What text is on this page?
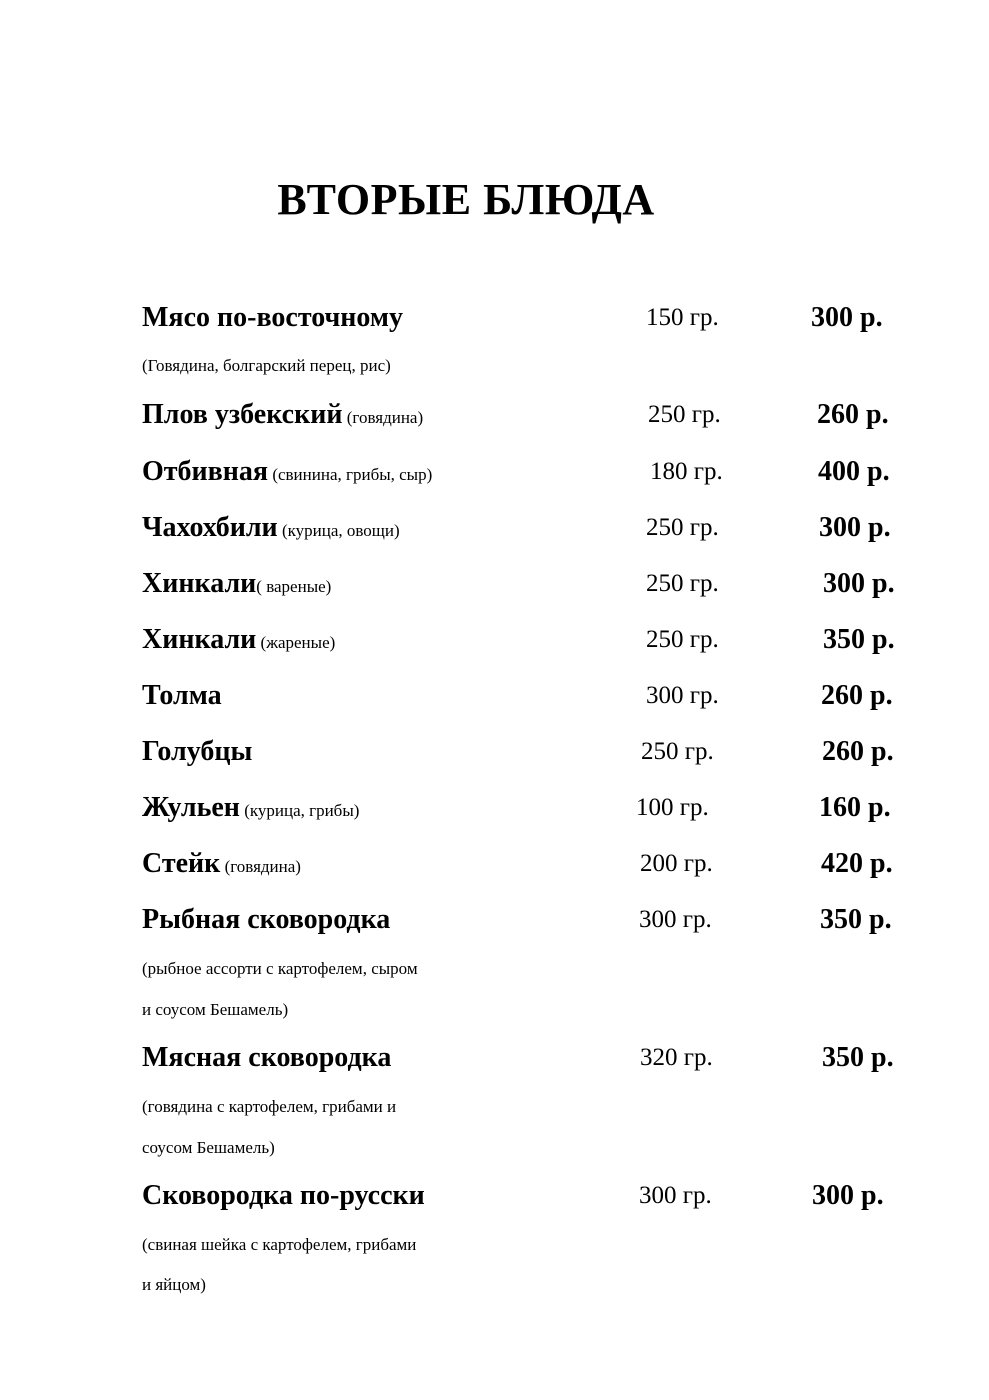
ВТОРЫЕ БЛЮДА
Мясо по-восточному	150 гр.	300 р.
(Говядина, болгарский перец, рис)
Плов узбекский (говядина)	250 гр.	260 р.
Отбивная (свинина, грибы, сыр)	180 гр.	400 р.
Чахохбили (курица, овощи)	250 гр.	300 р.
Хинкали( вареные)	250 гр.	300 р.
Хинкали (жареные)	250 гр.	350 р.
Толма	300 гр.	260 р.
Голубцы	250 гр.	260 р.
Жульен (курица, грибы)	100 гр.	160 р.
Стейк (говядина)	200 гр.	420 р.
Рыбная сковородка	300 гр.	350 р.
(рыбное ассорти с картофелем, сыром
и соусом Бешамель)
Мясная сковородка	320 гр.	350 р.
(говядина с картофелем, грибами и
соусом Бешамель)
Сковородка по-русски	300 гр.	300 р.
(свиная шейка с картофелем, грибами
и яйцом)
